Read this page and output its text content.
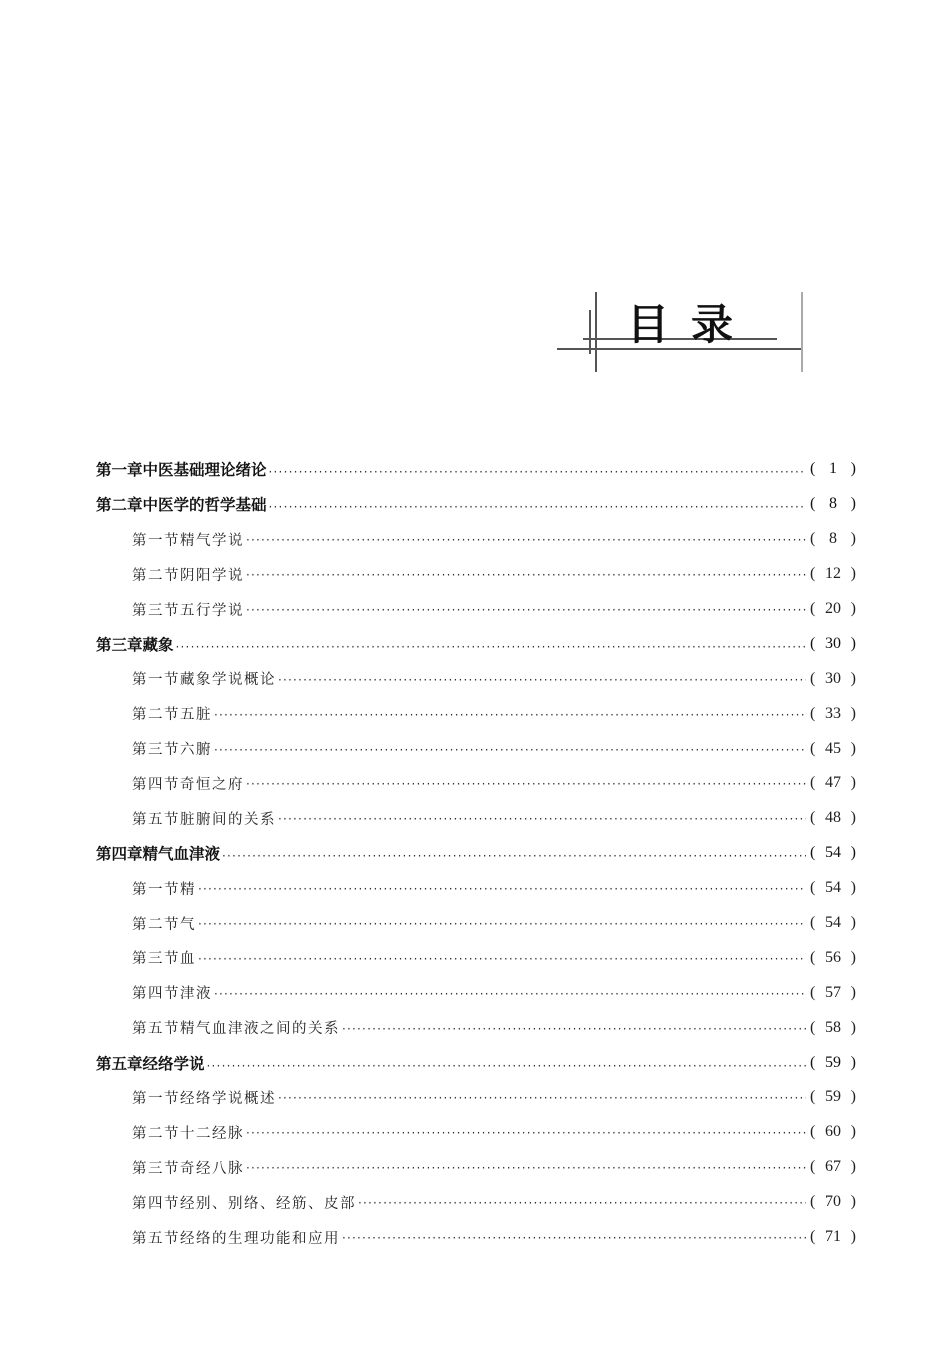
目录
第一章 中医基础理论绪论 ·····	( 1 )
第二章 中医学的哲学基础 ·····	( 8 )
第一节 精气学说 ·····	( 8 )
第二节 阴阳学说 ·····	( 12 )
第三节 五行学说 ·····	( 20 )
第三章 藏象 ·····	( 30 )
第一节 藏象学说概论 ·····	( 30 )
第二节 五脏 ·····	( 33 )
第三节 六腑 ·····	( 45 )
第四节 奇恒之府 ·····	( 47 )
第五节 脏腑间的关系 ·····	( 48 )
第四章 精气血津液 ·····	( 54 )
第一节 精 ·····	( 54 )
第二节 气 ·····	( 54 )
第三节 血 ·····	( 56 )
第四节 津液 ·····	( 57 )
第五节 精气血津液之间的关系 ·····	( 58 )
第五章 经络学说 ·····	( 59 )
第一节 经络学说概述 ·····	( 59 )
第二节 十二经脉 ·····	( 60 )
第三节 奇经八脉 ·····	( 67 )
第四节 经别、别络、经筋、皮部 ·····	( 70 )
第五节 经络的生理功能和应用 ·····	( 71 )
